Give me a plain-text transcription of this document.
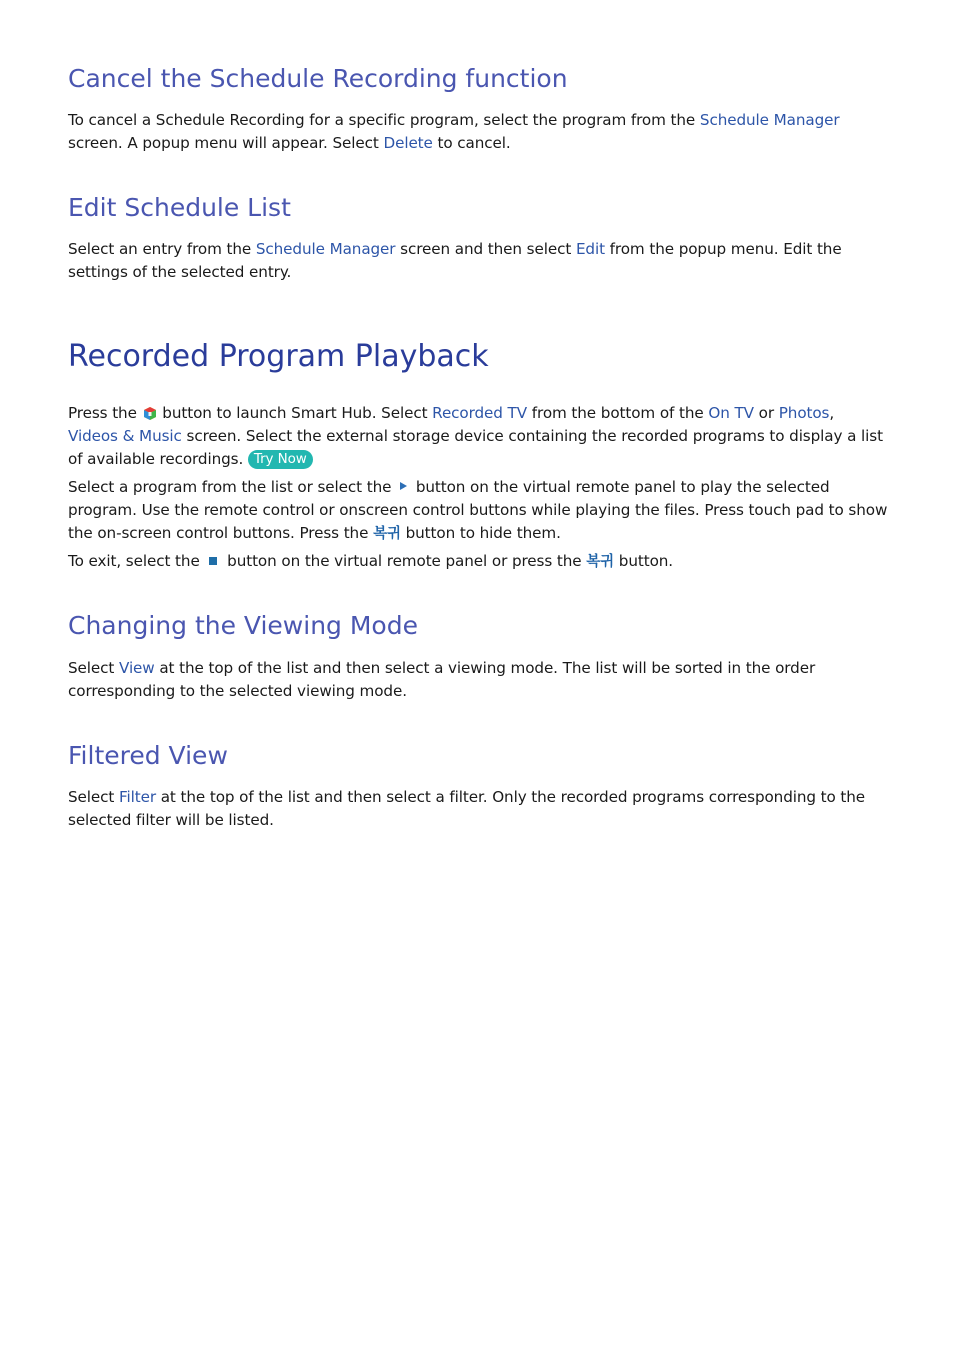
Cancel the Schedule Recording function

To cancel a Schedule Recording for a specific program, select the program from the Schedule Manager screen. A popup menu will appear. Select Delete to cancel.

Edit Schedule List

Select an entry from the Schedule Manager screen and then select Edit from the popup menu. Edit the settings of the selected entry.

Recorded Program Playback

Press the  button to launch Smart Hub. Select Recorded TV from the bottom of the On TV or Photos, Videos & Music screen. Select the external storage device containing the recorded programs to display a list of available recordings. Try Now

Select a program from the list or select the  button on the virtual remote panel to play the selected program. Use the remote control or onscreen control buttons while playing the files. Press touch pad to show the on-screen control buttons. Press the 복귀 button to hide them.

To exit, select the  button on the virtual remote panel or press the 복귀 button.

Changing the Viewing Mode

Select View at the top of the list and then select a viewing mode. The list will be sorted in the order corresponding to the selected viewing mode.

Filtered View

Select Filter at the top of the list and then select a filter. Only the recorded programs corresponding to the selected filter will be listed.
